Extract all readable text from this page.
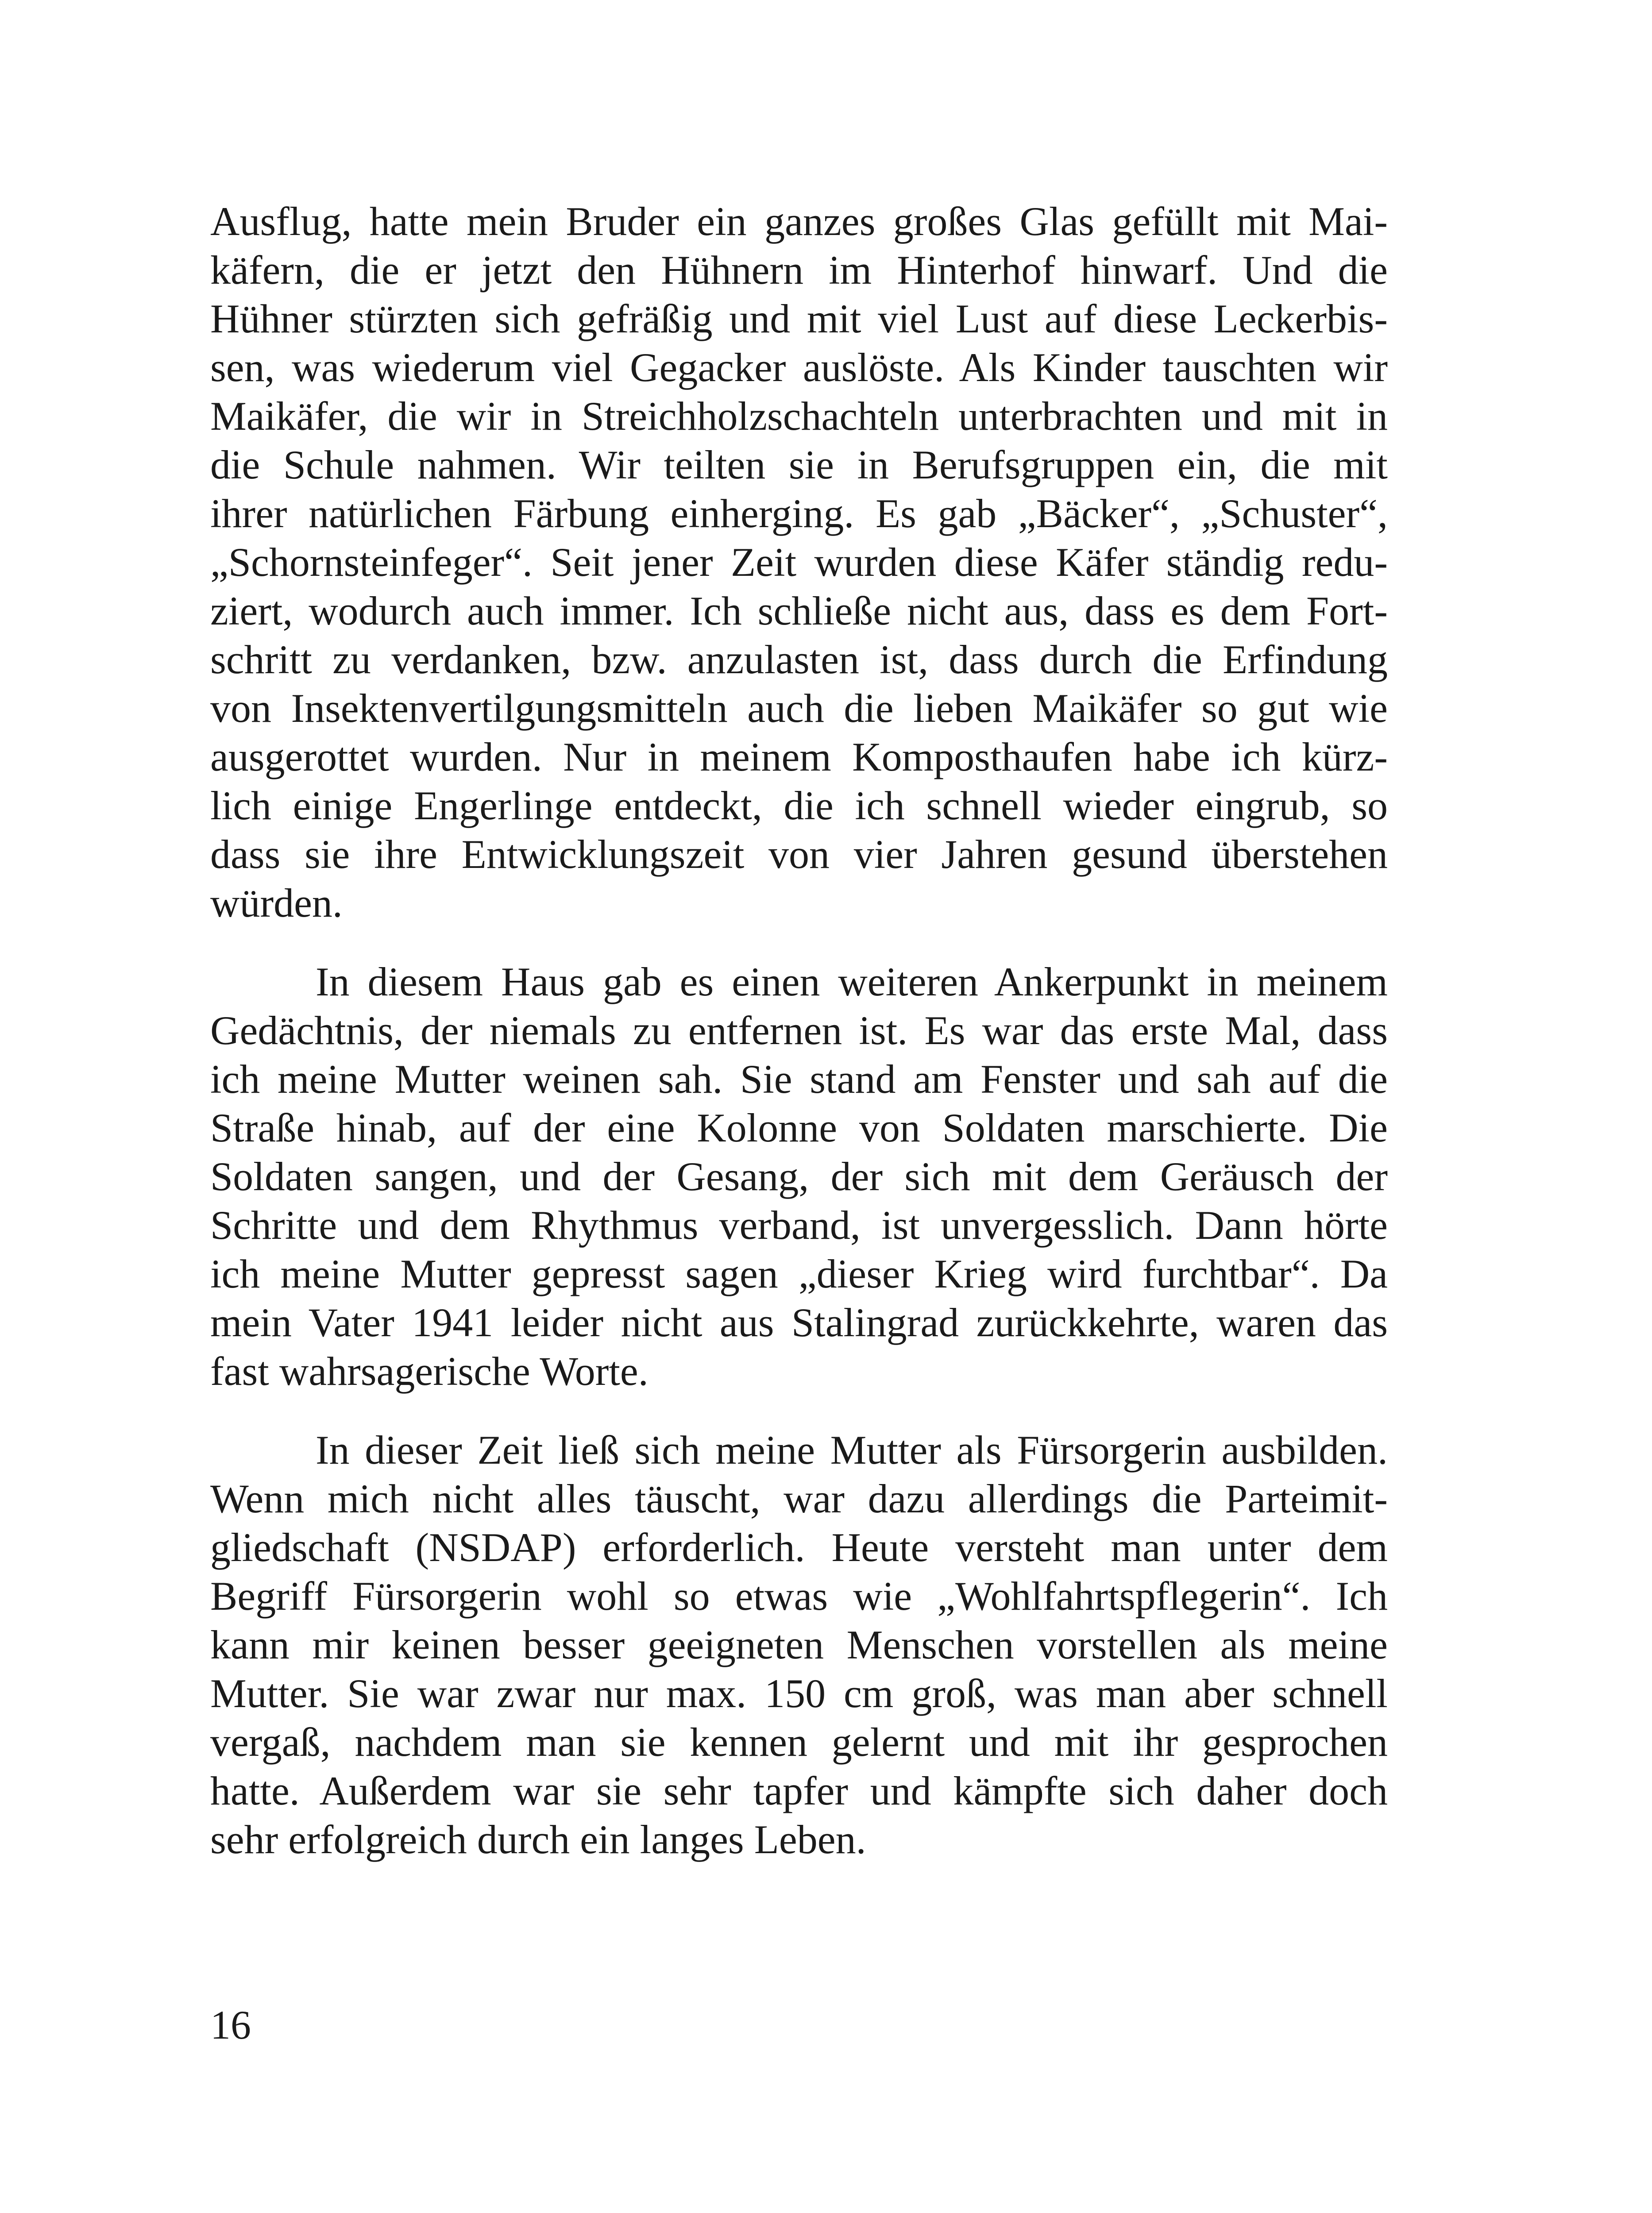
Ausflug, hatte mein Bruder ein ganzes großes Glas gefüllt mit Mai-
käfern, die er jetzt den Hühnern im Hinterhof hinwarf. Und die
Hühner stürzten sich gefräßig und mit viel Lust auf diese Leckerbis-
sen, was wiederum viel Gegacker auslöste. Als Kinder tauschten wir
Maikäfer, die wir in Streichholzschachteln unterbrachten und mit in
die Schule nahmen. Wir teilten sie in Berufsgruppen ein, die mit
ihrer natürlichen Färbung einherging. Es gab „Bäcker“, „Schuster“,
„Schornsteinfeger“. Seit jener Zeit wurden diese Käfer ständig redu-
ziert, wodurch auch immer. Ich schließe nicht aus, dass es dem Fort-
schritt zu verdanken, bzw. anzulasten ist, dass durch die Erfindung
von Insektenvertilgungsmitteln auch die lieben Maikäfer so gut wie
ausgerottet wurden. Nur in meinem Komposthaufen habe ich kürz-
lich einige Engerlinge entdeckt, die ich schnell wieder eingrub, so
dass sie ihre Entwicklungszeit von vier Jahren gesund überstehen
würden.
In diesem Haus gab es einen weiteren Ankerpunkt in meinem
Gedächtnis, der niemals zu entfernen ist. Es war das erste Mal, dass
ich meine Mutter weinen sah. Sie stand am Fenster und sah auf die
Straße hinab, auf der eine Kolonne von Soldaten marschierte. Die
Soldaten sangen, und der Gesang, der sich mit dem Geräusch der
Schritte und dem Rhythmus verband, ist unvergesslich. Dann hörte
ich meine Mutter gepresst sagen „dieser Krieg wird furchtbar“. Da
mein Vater 1941 leider nicht aus Stalingrad zurückkehrte, waren das
fast wahrsagerische Worte.
In dieser Zeit ließ sich meine Mutter als Fürsorgerin ausbilden.
Wenn mich nicht alles täuscht, war dazu allerdings die Parteimit-
gliedschaft (NSDAP) erforderlich. Heute versteht man unter dem
Begriff Fürsorgerin wohl so etwas wie „Wohlfahrtspflegerin“. Ich
kann mir keinen besser geeigneten Menschen vorstellen als meine
Mutter. Sie war zwar nur max. 150 cm groß, was man aber schnell
vergaß, nachdem man sie kennen gelernt und mit ihr gesprochen
hatte. Außerdem war sie sehr tapfer und kämpfte sich daher doch
sehr erfolgreich durch ein langes Leben.
16
